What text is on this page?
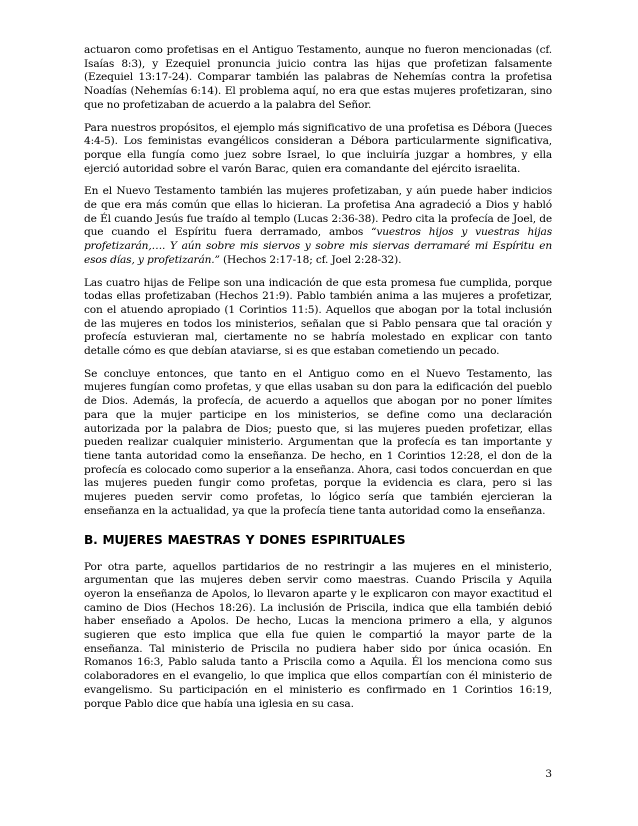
actuaron como profetisas en el Antiguo Testamento, aunque no fueron mencionadas (cf. Isaías 8:3), y Ezequiel pronuncia juicio contra las hijas que profetizan falsamente (Ezequiel 13:17-24). Comparar también las palabras de Nehemías contra la profetisa Noadías (Nehemías 6:14). El problema aquí, no era que estas mujeres profetizaran, sino que no profetizaban de acuerdo a la palabra del Señor.

Para nuestros propósitos, el ejemplo más significativo de una profetisa es Débora (Jueces 4:4-5). Los feministas evangélicos consideran a Débora particularmente significativa, porque ella fungía como juez sobre Israel, lo que incluiría juzgar a hombres, y ella ejerció autoridad sobre el varón Barac, quien era comandante del ejército israelita.

En el Nuevo Testamento también las mujeres profetizaban, y aún puede haber indicios de que era más común que ellas lo hicieran. La profetisa Ana agradeció a Dios y habló de Él cuando Jesús fue traído al templo (Lucas 2:36-38). Pedro cita la profecía de Joel, de que cuando el Espíritu fuera derramado, ambos “vuestros hijos y vuestras hijas profetizarán,…. Y aún sobre mis siervos y sobre mis siervas derramaré mi Espíritu en esos días, y profetizarán.” (Hechos 2:17-18; cf. Joel 2:28-32).

Las cuatro hijas de Felipe son una indicación de que esta promesa fue cumplida, porque todas ellas profetizaban (Hechos 21:9). Pablo también anima a las mujeres a profetizar, con el atuendo apropiado (1 Corintios 11:5). Aquellos que abogan por la total inclusión de las mujeres en todos los ministerios, señalan que si Pablo pensara que tal oración y profecía estuvieran mal, ciertamente no se habría molestado en explicar con tanto detalle cómo es que debían ataviarse, si es que estaban cometiendo un pecado.

Se concluye entonces, que tanto en el Antiguo como en el Nuevo Testamento, las mujeres fungían como profetas, y que ellas usaban su don para la edificación del pueblo de Dios. Además, la profecía, de acuerdo a aquellos que abogan por no poner límites para que la mujer participe en los ministerios, se define como una declaración autorizada por la palabra de Dios; puesto que, si las mujeres pueden profetizar, ellas pueden realizar cualquier ministerio. Argumentan que la profecía es tan importante y tiene tanta autoridad como la enseñanza. De hecho, en 1 Corintios 12:28, el don de la profecía es colocado como superior a la enseñanza. Ahora, casi todos concuerdan en que las mujeres pueden fungir como profetas, porque la evidencia es clara, pero si las mujeres pueden servir como profetas, lo lógico sería que también ejercieran la enseñanza en la actualidad, ya que la profecía tiene tanta autoridad como la enseñanza.

B. MUJERES MAESTRAS Y DONES ESPIRITUALES

Por otra parte, aquellos partidarios de no restringir a las mujeres en el ministerio, argumentan que las mujeres deben servir como maestras. Cuando Priscila y Aquila oyeron la enseñanza de Apolos, lo llevaron aparte y le explicaron con mayor exactitud el camino de Dios (Hechos 18:26). La inclusión de Priscila, indica que ella también debió haber enseñado a Apolos. De hecho, Lucas la menciona primero a ella, y algunos sugieren que esto implica que ella fue quien le compartió la mayor parte de la enseñanza. Tal ministerio de Priscila no pudiera haber sido por única ocasión. En Romanos 16:3, Pablo saluda tanto a Priscila como a Aquila. Él los menciona como sus colaboradores en el evangelio, lo que implica que ellos compartían con él ministerio de evangelismo. Su participación en el ministerio es confirmado en 1 Corintios 16:19, porque Pablo dice que había una iglesia en su casa.

3
